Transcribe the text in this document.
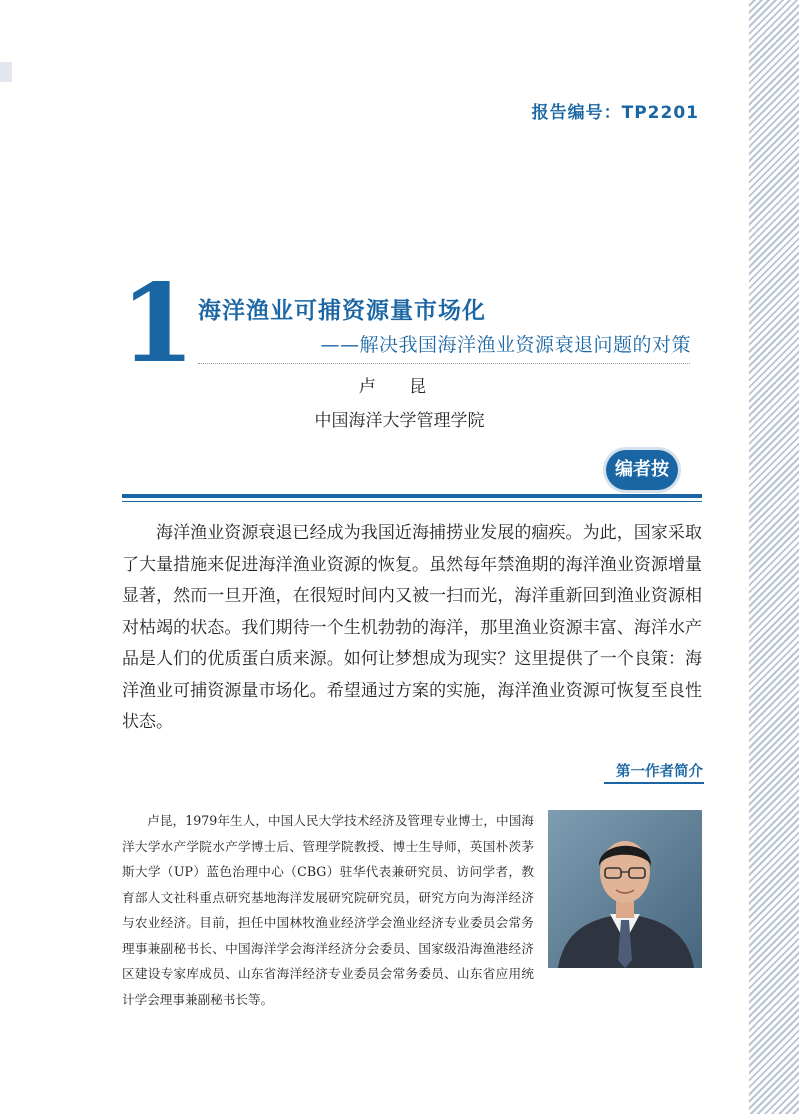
报告编号：TP2201
1 海洋渔业可捕资源量市场化
——解决我国海洋渔业资源衰退问题的对策
卢 昆
中国海洋大学管理学院
编者按

海洋渔业资源衰退已经成为我国近海捕捞业发展的痼疾。为此，国家采取了大量措施来促进海洋渔业资源的恢复。虽然每年禁渔期的海洋渔业资源增量显著，然而一旦开渔，在很短时间内又被一扫而光，海洋重新回到渔业资源相对枯竭的状态。我们期待一个生机勃勃的海洋，那里渔业资源丰富、海洋水产品是人们的优质蛋白质来源。如何让梦想成为现实？这里提供了一个良策：海洋渔业可捕资源量市场化。希望通过方案的实施，海洋渔业资源可恢复至良性状态。

第一作者简介
卢昆，1979年生人，中国人民大学技术经济及管理专业博士，中国海洋大学水产学院水产学博士后、管理学院教授、博士生导师，英国朴茨茅斯大学（UP）蓝色治理中心（CBG）驻华代表兼研究员、访问学者，教育部人文社科重点研究基地海洋发展研究院研究员，研究方向为海洋经济与农业经济。目前，担任中国林牧渔业经济学会渔业经济专业委员会常务理事兼副秘书长、中国海洋学会海洋经济分会委员、国家级沿海渔港经济区建设专家库成员、山东省海洋经济专业委员会常务委员、山东省应用统计学会理事兼副秘书长等。
